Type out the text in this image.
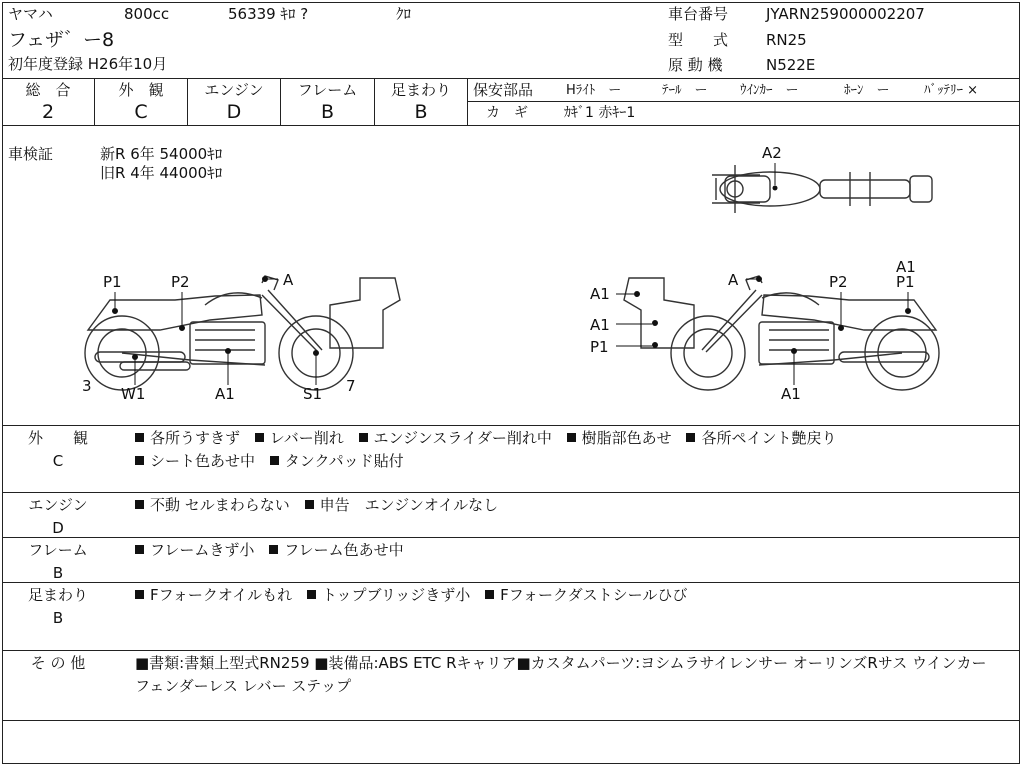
ヤマハ	800cc	56339 ｷﾛ ?	ｸﾛ
フェザ゛ー8
初年度登録 H26年10月
車台番号	JYARN259000002207
型　　式	RN25
原 動 機	N522E
総　合	外　観	エンジン	フレーム	足まわり
2	C	D	B	B
保安部品	Hﾗｲﾄ　ー	ﾃｰﾙ　ー ｳｲﾝｶｰ　ー	ﾎｰﾝ　ー	ﾊﾞｯﾃﾘｰ ×
カ　ギ	ｶｷﾞ1 赤ｷｰ1
車検証	新R 6年 54000ｷﾛ
旧R 4年 44000ｷﾛ
A2
P1	P2	A
3 W1	A1	S1 7
A
A1
P2
A1
P1
A1
A1
P1
外　　観
C
各所うすきず レバー削れ エンジンスライダー削れ中 樹脂部色あせ 各所ペイント艶戻り
シート色あせ中 タンクパッド貼付
エンジン
D
不動 セルまわらない 申告　エンジンオイルなし
フレーム
B
フレームきず小 フレーム色あせ中
足まわり
B
Fフォークオイルもれ トップブリッジきず小 Fフォークダストシールひび
そ の 他	■書類:書類上型式RN259 ■装備品:ABS ETC Rキャリア■カスタムパーツ:ヨシムラサイレンサー オーリンズRサス ウインカー フェンダーレス レバー ステップ
